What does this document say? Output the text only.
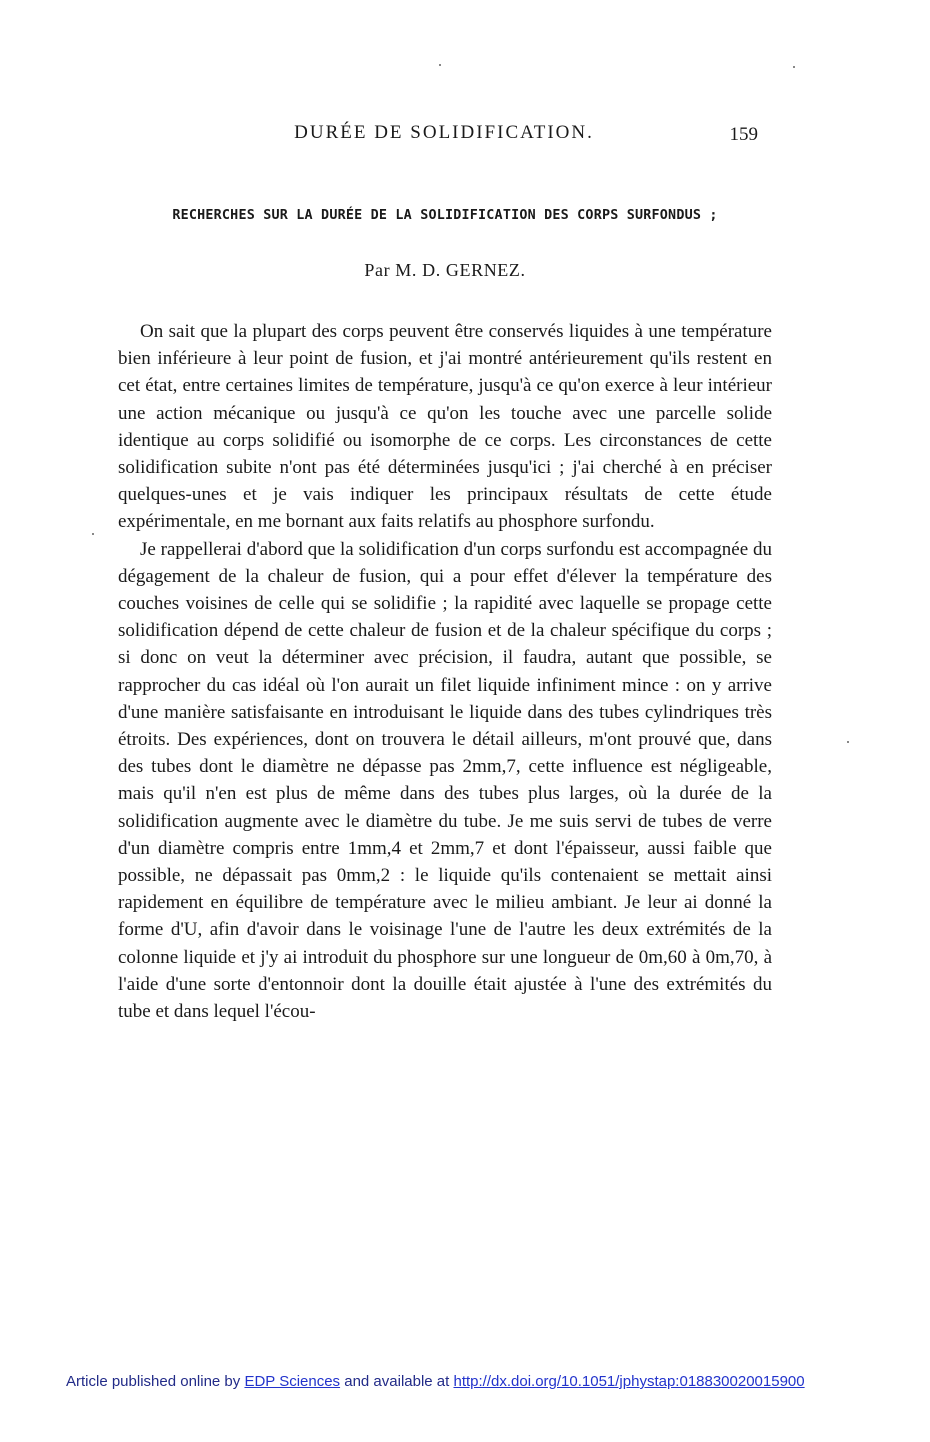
DURÉE DE SOLIDIFICATION.	159
RECHERCHES SUR LA DURÉE DE LA SOLIDIFICATION DES CORPS SURFONDUS ;
Par M. D. GERNEZ.

On sait que la plupart des corps peuvent être conservés liquides à une température bien inférieure à leur point de fusion, et j'ai montré antérieurement qu'ils restent en cet état, entre certaines limites de température, jusqu'à ce qu'on exerce à leur intérieur une action mécanique ou jusqu'à ce qu'on les touche avec une parcelle solide identique au corps solidifié ou isomorphe de ce corps. Les circonstances de cette solidification subite n'ont pas été déterminées jusqu'ici ; j'ai cherché à en préciser quelques-unes et je vais indiquer les principaux résultats de cette étude expérimentale, en me bornant aux faits relatifs au phosphore surfondu.

Je rappellerai d'abord que la solidification d'un corps surfondu est accompagnée du dégagement de la chaleur de fusion, qui a pour effet d'élever la température des couches voisines de celle qui se solidifie ; la rapidité avec laquelle se propage cette solidification dépend de cette chaleur de fusion et de la chaleur spécifique du corps ; si donc on veut la déterminer avec précision, il faudra, autant que possible, se rapprocher du cas idéal où l'on aurait un filet liquide infiniment mince : on y arrive d'une manière satisfaisante en introduisant le liquide dans des tubes cylindriques très étroits. Des expériences, dont on trouvera le détail ailleurs, m'ont prouvé que, dans des tubes dont le diamètre ne dépasse pas 2mm,7, cette influence est négligeable, mais qu'il n'en est plus de même dans des tubes plus larges, où la durée de la solidification augmente avec le diamètre du tube. Je me suis servi de tubes de verre d'un diamètre compris entre 1mm,4 et 2mm,7 et dont l'épaisseur, aussi faible que possible, ne dépassait pas 0mm,2 : le liquide qu'ils contenaient se mettait ainsi rapidement en équilibre de température avec le milieu ambiant. Je leur ai donné la forme d'U, afin d'avoir dans le voisinage l'une de l'autre les deux extrémités de la colonne liquide et j'y ai introduit du phosphore sur une longueur de 0m,60 à 0m,70, à l'aide d'une sorte d'entonnoir dont la douille était ajustée à l'une des extrémités du tube et dans lequel l'écou-

Article published online by EDP Sciences and available at http://dx.doi.org/10.1051/jphystap:018830020015900
